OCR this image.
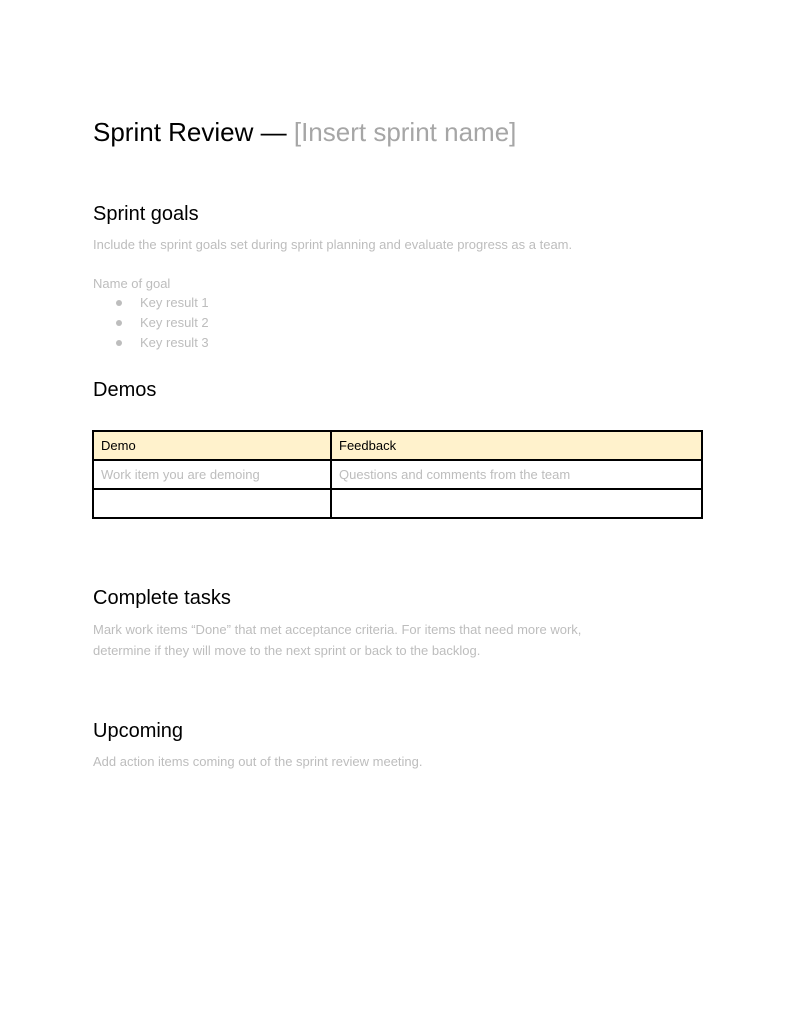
Sprint Review — [Insert sprint name]
Sprint goals

Include the sprint goals set during sprint planning and evaluate progress as a team.

Name of goal
Key result 1
Key result 2
Key result 3
Demos
Demo	Feedback
Work item you are demoing	Questions and comments from the team

Complete tasks

Mark work items “Done” that met acceptance criteria. For items that need more work,

determine if they will move to the next sprint or back to the backlog.

Upcoming

Add action items coming out of the sprint review meeting.
